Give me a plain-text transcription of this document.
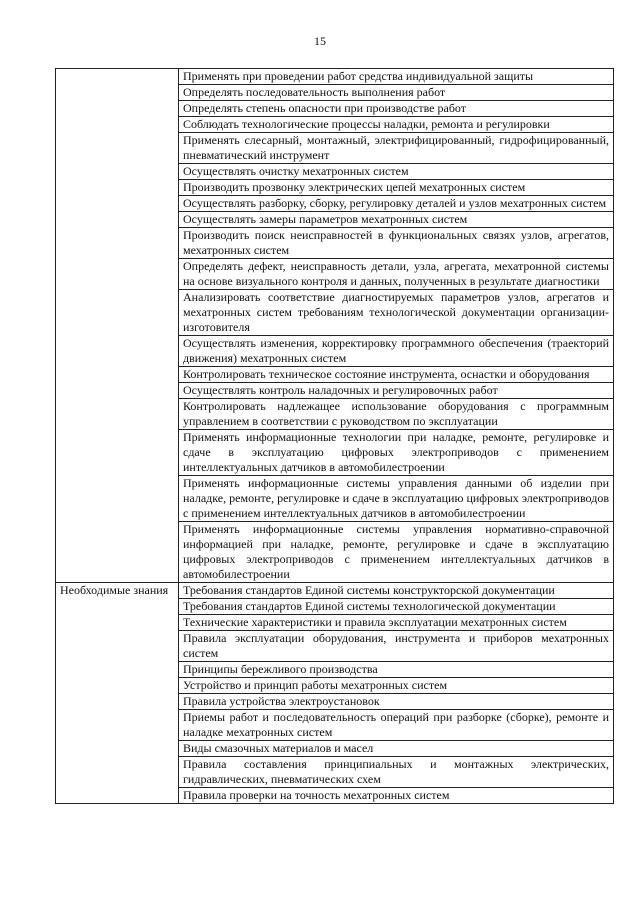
15
	Применять при проведении работ средства индивидуальной защиты
	Определять последовательность выполнения работ
	Определять степень опасности при производстве работ
	Соблюдать технологические процессы наладки, ремонта и регулировки
	Применять слесарный, монтажный, электрифицированный, гидрофицированный, пневматический инструмент
	Осуществлять очистку мехатронных систем
	Производить прозвонку электрических цепей мехатронных систем
	Осуществлять разборку, сборку, регулировку деталей и узлов мехатронных систем
	Осуществлять замеры параметров мехатронных систем
	Производить поиск неисправностей в функциональных связях узлов, агрегатов, мехатронных систем
	Определять дефект, неисправность детали, узла, агрегата, мехатронной системы на основе визуального контроля и данных, полученных в результате диагностики
	Анализировать соответствие диагностируемых параметров узлов, агрегатов и мехатронных систем требованиям технологической документации организации-изготовителя
	Осуществлять изменения, корректировку программного обеспечения (траекторий движения) мехатронных систем
	Контролировать техническое состояние инструмента, оснастки и оборудования
	Осуществлять контроль наладочных и регулировочных работ
	Контролировать надлежащее использование оборудования с программным управлением в соответствии с руководством по эксплуатации
	Применять информационные технологии при наладке, ремонте, регулировке и сдаче в эксплуатацию цифровых электроприводов с применением интеллектуальных датчиков в автомобилестроении
	Применять информационные системы управления данными об изделии при наладке, ремонте, регулировке и сдаче в эксплуатацию цифровых электроприводов с применением интеллектуальных датчиков в автомобилестроении
	Применять информационные системы управления нормативно-справочной информацией при наладке, ремонте, регулировке и сдаче в эксплуатацию цифровых электроприводов с применением интеллектуальных датчиков в автомобилестроении
Необходимые знания	Требования стандартов Единой системы конструкторской документации
	Требования стандартов Единой системы технологической документации
	Технические характеристики и правила эксплуатации мехатронных систем
	Правила эксплуатации оборудования, инструмента и приборов мехатронных систем
	Принципы бережливого производства
	Устройство и принцип работы мехатронных систем
	Правила устройства электроустановок
	Приемы работ и последовательность операций при разборке (сборке), ремонте и наладке мехатронных систем
	Виды смазочных материалов и масел
	Правила составления принципиальных и монтажных электрических, гидравлических, пневматических схем
	Правила проверки на точность мехатронных систем
